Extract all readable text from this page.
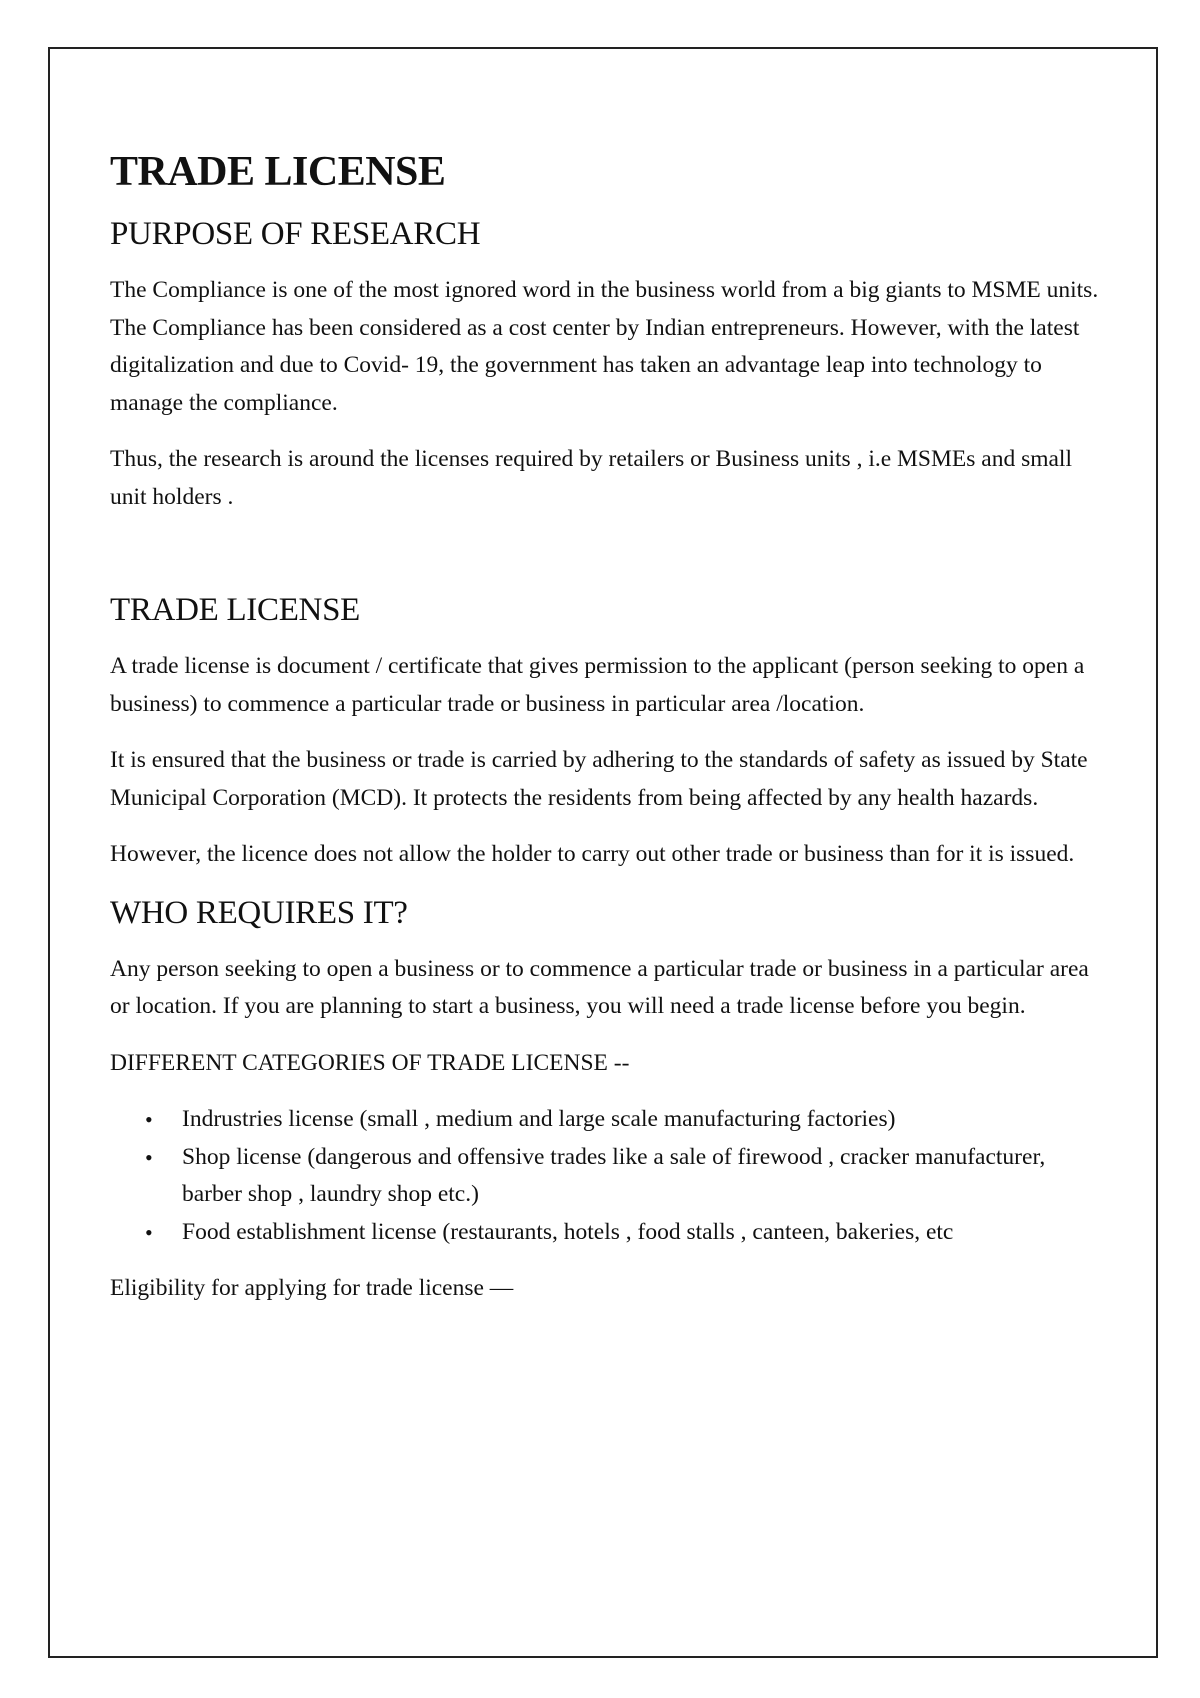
TRADE LICENSE
PURPOSE OF RESEARCH

The Compliance is one of the most ignored word in the business world from a big giants to MSME units. The Compliance has been considered as a cost center by Indian entrepreneurs. However, with the latest digitalization and due to Covid- 19, the government has taken an advantage leap into technology to manage the compliance.

Thus, the research is around the licenses required by retailers or Business units , i.e MSMEs and small unit holders .

TRADE LICENSE

A trade license is document / certificate that gives permission to the applicant (person seeking to open a business) to commence a particular trade or business in particular area /location.

It is ensured that the business or trade is carried by adhering to the standards of safety as issued by State Municipal Corporation (MCD). It protects the residents from being affected by any health hazards.

However, the licence does not allow the holder to carry out other trade or business than for it is issued.

WHO REQUIRES IT?

Any person seeking to open a business or to commence a particular trade or business in a particular area or location. If you are planning to start a business, you will need a trade license before you begin.

DIFFERENT CATEGORIES OF TRADE LICENSE --
• Indrustries license (small , medium and large scale manufacturing factories)
• Shop license (dangerous and offensive trades like a sale of firewood , cracker manufacturer, barber shop , laundry shop etc.)
• Food establishment license (restaurants, hotels , food stalls , canteen, bakeries, etc

Eligibility for applying for trade license —
